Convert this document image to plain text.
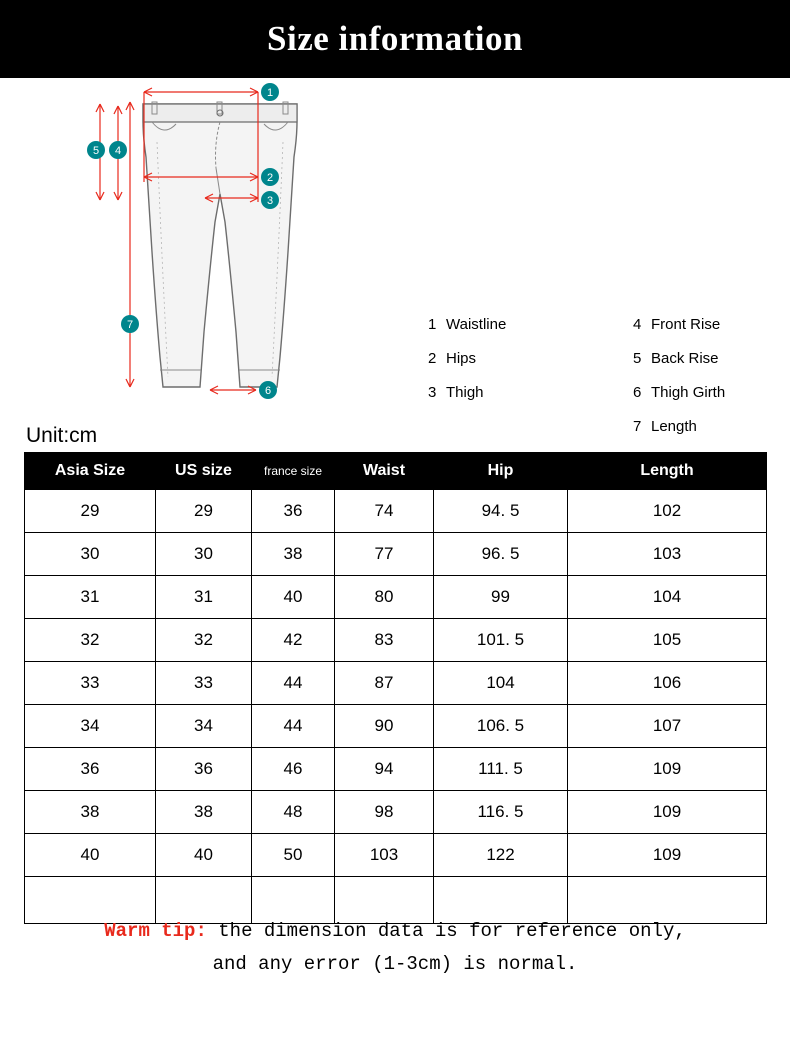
Size information
1
2
3
4
5
6
7	1 Waistline
2 Hips
3 Thigh
4 Front Rise
5 Back Rise
6 Thigh Girth
7 Length
Unit:cm
Asia Size	US size	france size	Waist	Hip	Length
29	29	36	74	94. 5	102
30	30	38	77	96. 5	103
31	31	40	80	99	104
32	32	42	83	101. 5	105
33	33	44	87	104	106
34	34	44	90	106. 5	107
36	36	46	94	111. 5	109
38	38	48	98	116. 5	109
40	40	50	103	122	109

Warm tip: the dimension data is for reference only,
and any error (1-3cm) is normal.
